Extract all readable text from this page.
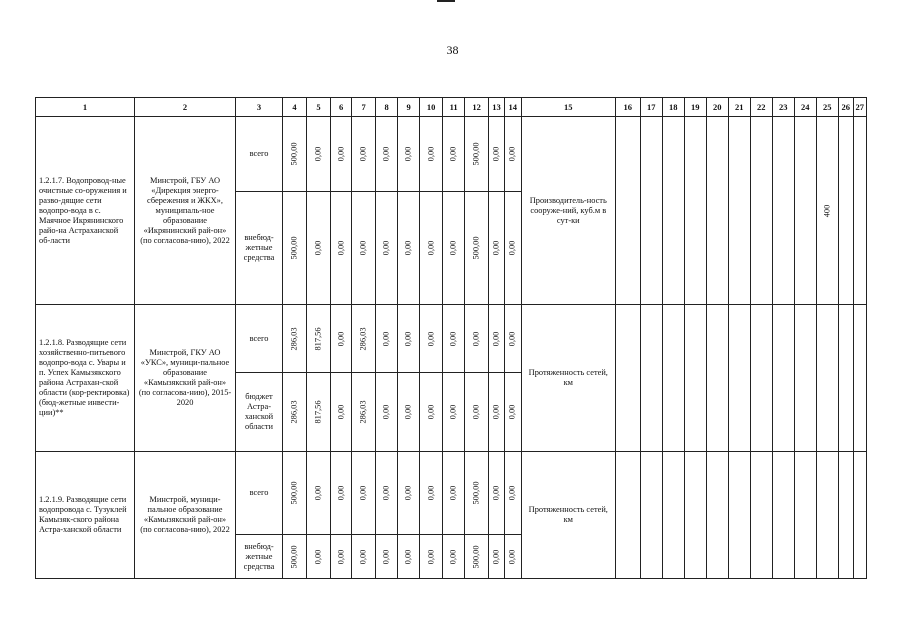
38
1	2	3	4	5	6	7	8	9	10	11	12	13	14	15	16	17	18	19	20	21	22	23	24	25	26	27
1.2.1.7. Водопровод-ные очистные со-оружения и разво-дящие сети водопро-вода в с. Маячное Икрянинского райо-на Астраханской об-ласти	Минстрой, ГБУ АО «Дирекция энерго-сбережения и ЖКХ», муниципаль-ное образование «Икрянинский рай-он» (по согласова-нию), 2022	всего	500,00	0,00	0,00	0,00	0,00	0,00	0,00	0,00	500,00	0,00	0,00	Производитель-ность сооруже-ний, куб.м в сут-ки										400		
		внебюд-жетные средства	500,00	0,00	0,00	0,00	0,00	0,00	0,00	0,00	500,00	0,00	0,00													
1.2.1.8. Разводящие сети хозяйственно-питьевого водопро-вода с. Увары и п. Успех Камызякского района Астрахан-ской области (кор-ректировка) (бюд-жетные инвести-ции)**	Минстрой, ГКУ АО «УКС», муници-пальное образование «Камызякский рай-он» (по согласова-нию), 2015-2020	всего	286,03	817,56	0,00	286,03	0,00	0,00	0,00	0,00	0,00	0,00	0,00	Протяженность сетей, км												
		бюджет Астра-ханской области	286,03	817,56	0,00	286,03	0,00	0,00	0,00	0,00	0,00	0,00	0,00													
1.2.1.9. Разводящие сети водопровода с. Тузуклей Камызяк-ского района Астра-ханской области	Минстрой, муници-пальное образование «Камызякский рай-он» (по согласова-нию), 2022	всего	500,00	0,00	0,00	0,00	0,00	0,00	0,00	0,00	500,00	0,00	0,00	Протяженность сетей, км												
		внебюд-жетные средства	500,00	0,00	0,00	0,00	0,00	0,00	0,00	0,00	500,00	0,00	0,00													
